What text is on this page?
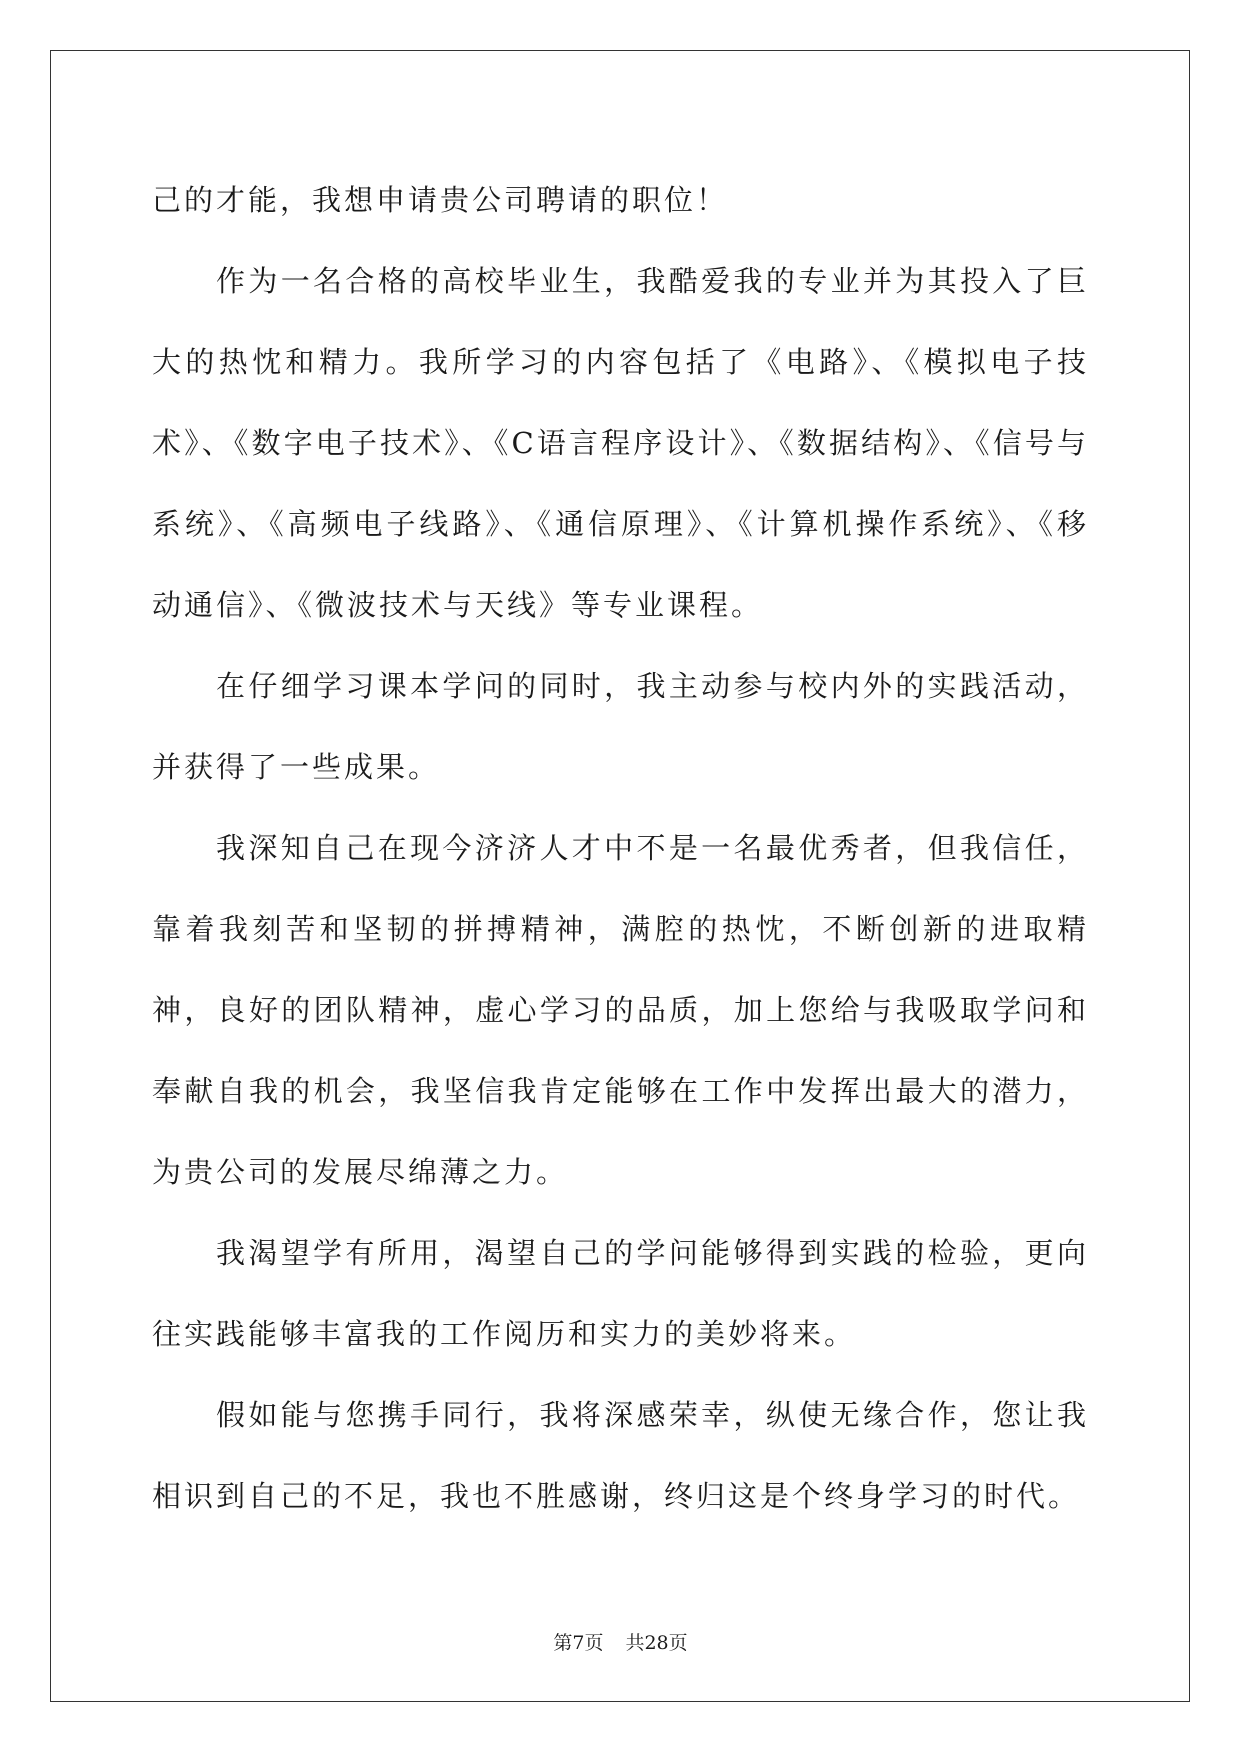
己的才能，我想申请贵公司聘请的职位！

作为一名合格的高校毕业生，我酷爱我的专业并为其投入了巨大的热忱和精力。我所学习的内容包括了《电路》、《模拟电子技术》、《数字电子技术》、《C语言程序设计》、《数据结构》、《信号与系统》、《高频电子线路》、《通信原理》、《计算机操作系统》、《移动通信》、《微波技术与天线》等专业课程。

在仔细学习课本学问的同时，我主动参与校内外的实践活动，并获得了一些成果。

我深知自己在现今济济人才中不是一名最优秀者，但我信任，靠着我刻苦和坚韧的拼搏精神，满腔的热忱，不断创新的进取精神，良好的团队精神，虚心学习的品质，加上您给与我吸取学问和奉献自我的机会，我坚信我肯定能够在工作中发挥出最大的潜力，为贵公司的发展尽绵薄之力。

我渴望学有所用，渴望自己的学问能够得到实践的检验，更向往实践能够丰富我的工作阅历和实力的美妙将来。

假如能与您携手同行，我将深感荣幸，纵使无缘合作，您让我相识到自己的不足，我也不胜感谢，终归这是个终身学习的时代。

第7页 共28页
